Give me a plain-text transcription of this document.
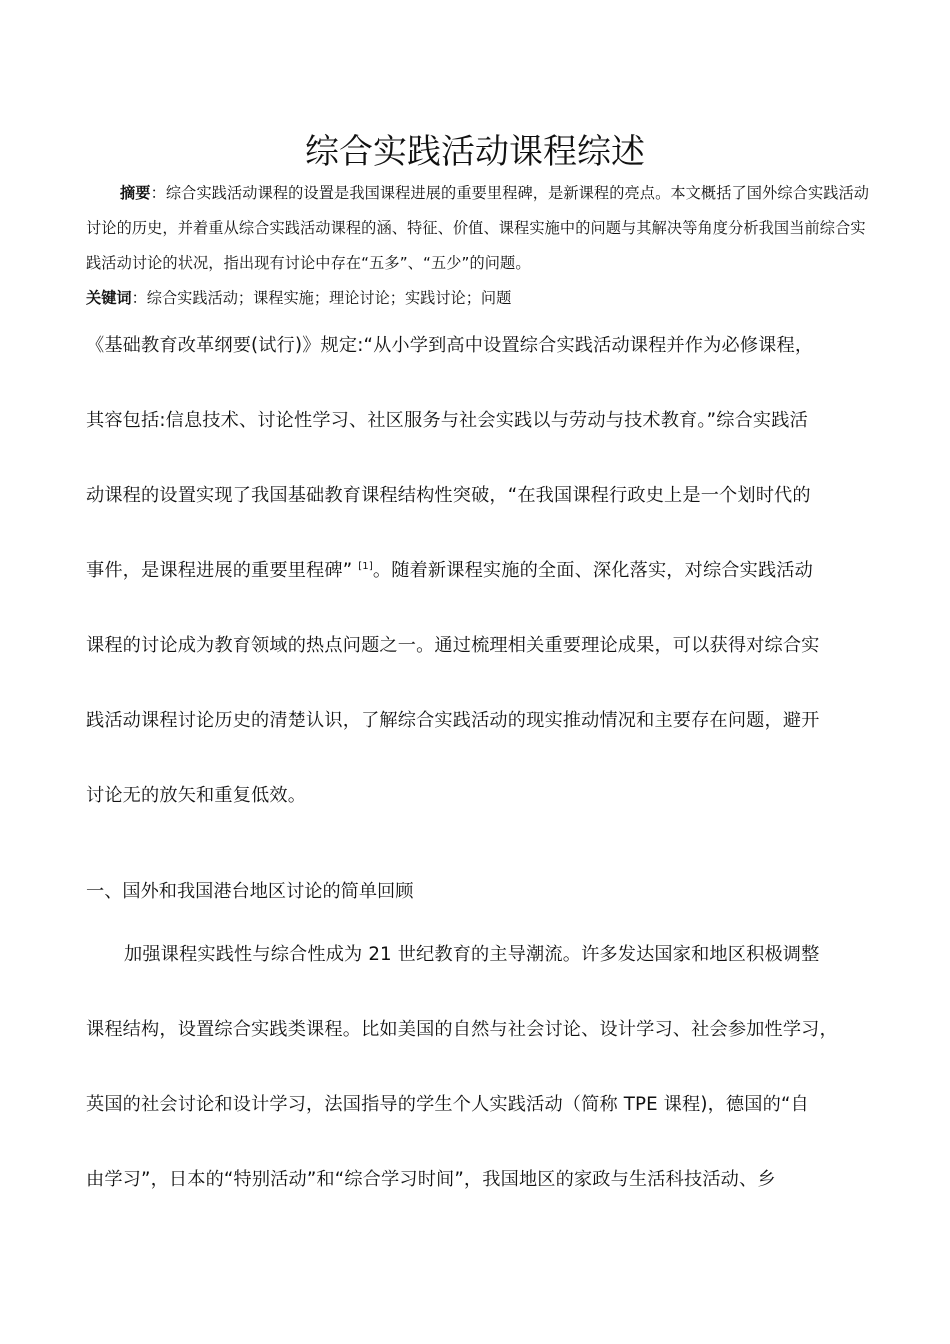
综合实践活动课程综述

摘要：综合实践活动课程的设置是我国课程进展的重要里程碑，是新课程的亮点。本文概括了国外综合实践活动讨论的历史，并着重从综合实践活动课程的涵、特征、价值、课程实施中的问题与其解决等角度分析我国当前综合实践活动讨论的状况，指出现有讨论中存在“五多”、“五少”的问题。

关键词：综合实践活动；课程实施；理论讨论；实践讨论；问题

《基础教育改革纲要(试行)》规定:“从小学到高中设置综合实践活动课程并作为必修课程，

其容包括:信息技术、讨论性学习、社区服务与社会实践以与劳动与技术教育。”综合实践活

动课程的设置实现了我国基础教育课程结构性突破，“在我国课程行政史上是一个划时代的

事件，是课程进展的重要里程碑” [1]。随着新课程实施的全面、深化落实，对综合实践活动

课程的讨论成为教育领域的热点问题之一。通过梳理相关重要理论成果，可以获得对综合实

践活动课程讨论历史的清楚认识，了解综合实践活动的现实推动情况和主要存在问题，避开

讨论无的放矢和重复低效。

一、国外和我国港台地区讨论的简单回顾

加强课程实践性与综合性成为 21 世纪教育的主导潮流。许多发达国家和地区积极调整

课程结构，设置综合实践类课程。比如美国的自然与社会讨论、设计学习、社会参加性学习，

英国的社会讨论和设计学习，法国指导的学生个人实践活动（简称 TPE 课程)，德国的“自

由学习”，日本的“特别活动”和“综合学习时间”，我国地区的家政与生活科技活动、乡
